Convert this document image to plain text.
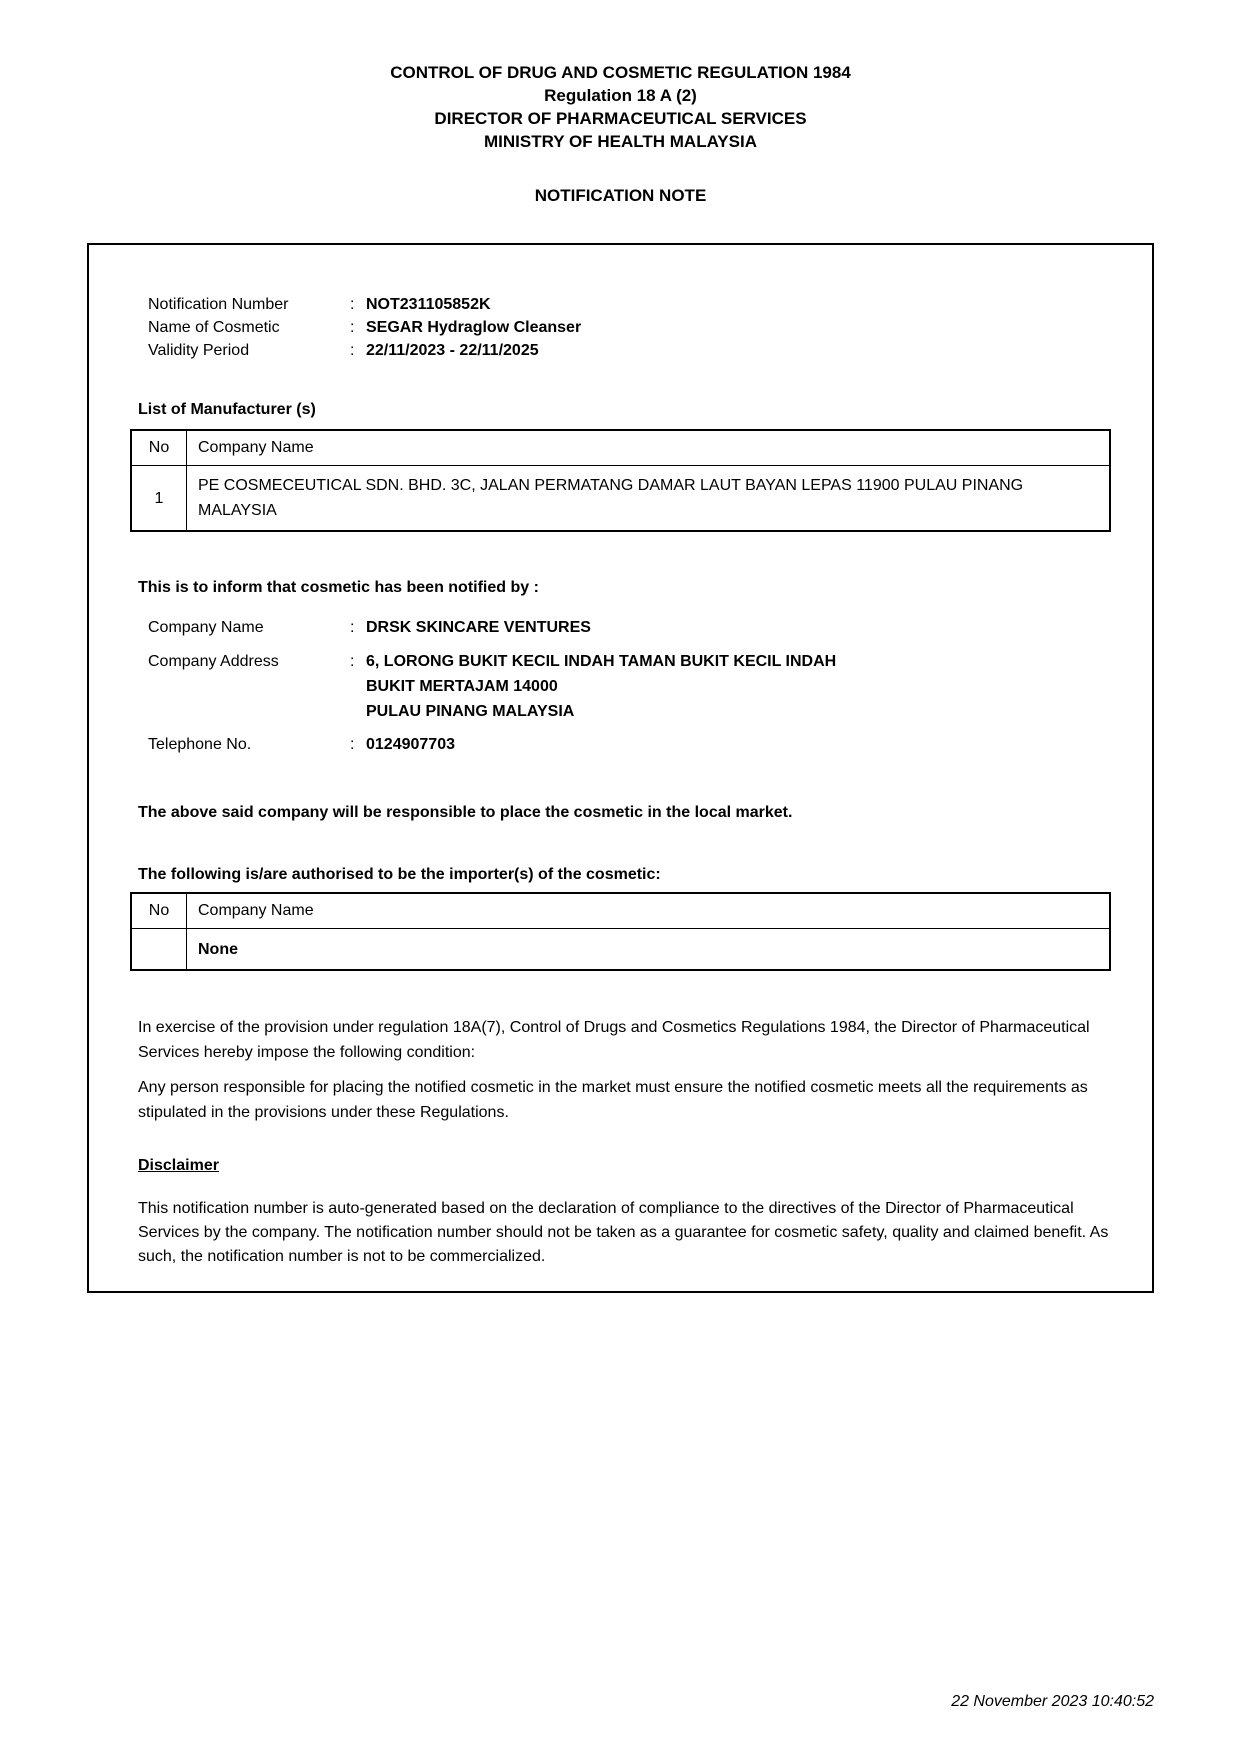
CONTROL OF DRUG AND COSMETIC REGULATION 1984
Regulation 18 A (2)
DIRECTOR OF PHARMACEUTICAL SERVICES
MINISTRY OF HEALTH MALAYSIA
NOTIFICATION NOTE
Notification Number	: NOT231105852K
Name of Cosmetic	: SEGAR Hydraglow Cleanser
Validity Period	: 22/11/2023 - 22/11/2025
List of Manufacturer (s)
No	Company Name
1	PE COSMECEUTICAL SDN. BHD. 3C, JALAN PERMATANG DAMAR LAUT BAYAN LEPAS 11900 PULAU PINANG MALAYSIA
This is to inform that cosmetic has been notified by :
Company Name	: DRSK SKINCARE VENTURES
Company Address	: 6, LORONG BUKIT KECIL INDAH TAMAN BUKIT KECIL INDAH
BUKIT MERTAJAM 14000
PULAU PINANG MALAYSIA
Telephone No.	: 0124907703
The above said company will be responsible to place the cosmetic in the local market.
The following is/are authorised to be the importer(s) of the cosmetic:
No	Company Name
	None
In exercise of the provision under regulation 18A(7), Control of Drugs and Cosmetics Regulations 1984, the Director of Pharmaceutical Services hereby impose the following condition:
Any person responsible for placing the notified cosmetic in the market must ensure the notified cosmetic meets all the requirements as stipulated in the provisions under these Regulations.
Disclaimer
This notification number is auto-generated based on the declaration of compliance to the directives of the Director of Pharmaceutical Services by the company. The notification number should not be taken as a guarantee for cosmetic safety, quality and claimed benefit. As such, the notification number is not to be commercialized.
22 November 2023 10:40:52
